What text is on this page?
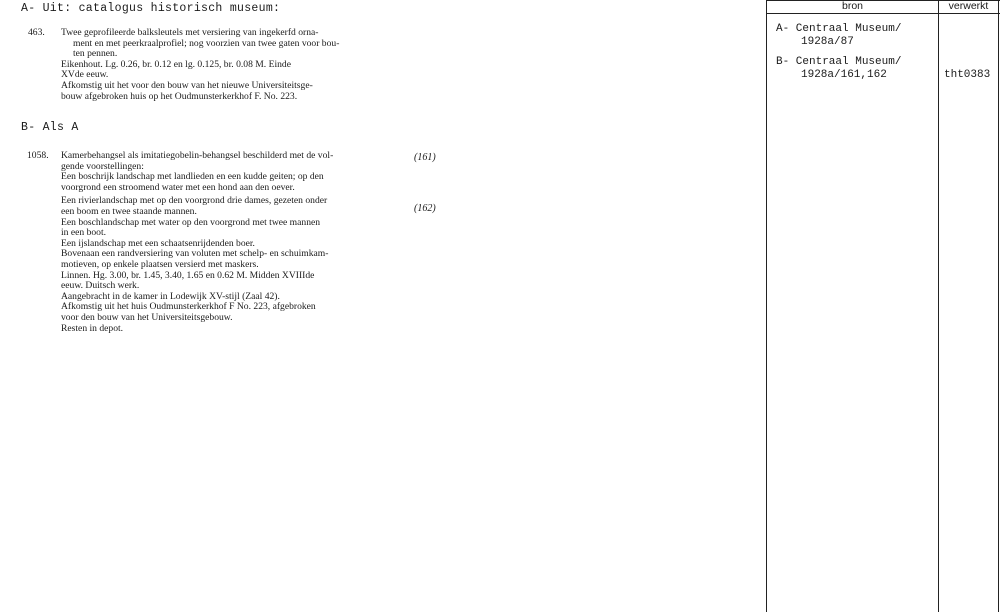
A- Uit: catalogus historisch museum:
463. Twee geprofileerde balksleutels met versiering van ingekerfd orna-
ment en met peerkraalprofiel; nog voorzien van twee gaten voor bou-
ten pennen.
Eikenhout. Lg. 0.26, br. 0.12 en lg. 0.125, br. 0.08 M. Einde
XVde eeuw.
Afkomstig uit het voor den bouw van het nieuwe Universiteitsge-
bouw afgebroken huis op het Oudmunsterkerkhof F. No. 223.
B- Als A
1058. Kamerbehangsel als imitatiegobelin-behangsel beschilderd met de vol-
gende voorstellingen:
Een boschrijk landschap met landlieden en een kudde geiten; op den
voorgrond een stroomend water met een hond aan den oever.
Een rivierlandschap met op den voorgrond drie dames, gezeten onder
een boom en twee staande mannen.
Een boschlandschap met water op den voorgrond met twee mannen
in een boot.
Een ijslandschap met een schaatsenrijdenden boer.
Bovenaan een randversiering van voluten met schelp- en schuimkam-
motieven, op enkele plaatsen versierd met maskers.
Linnen. Hg. 3.00, br. 1.45, 3.40, 1.65 en 0.62 M. Midden XVIIIde
eeuw. Duitsch werk.
Aangebracht in de kamer in Lodewijk XV-stijl (Zaal 42).
Afkomstig uit het huis Oudmunsterkerkhof F No. 223, afgebroken
voor den bouw van het Universiteitsgebouw.
Resten in depot.
(161)
(162)
bron	verwerkt
A- Centraal Museum/
1928a/87
B- Centraal Museum/
1928a/161,162	tht0383
